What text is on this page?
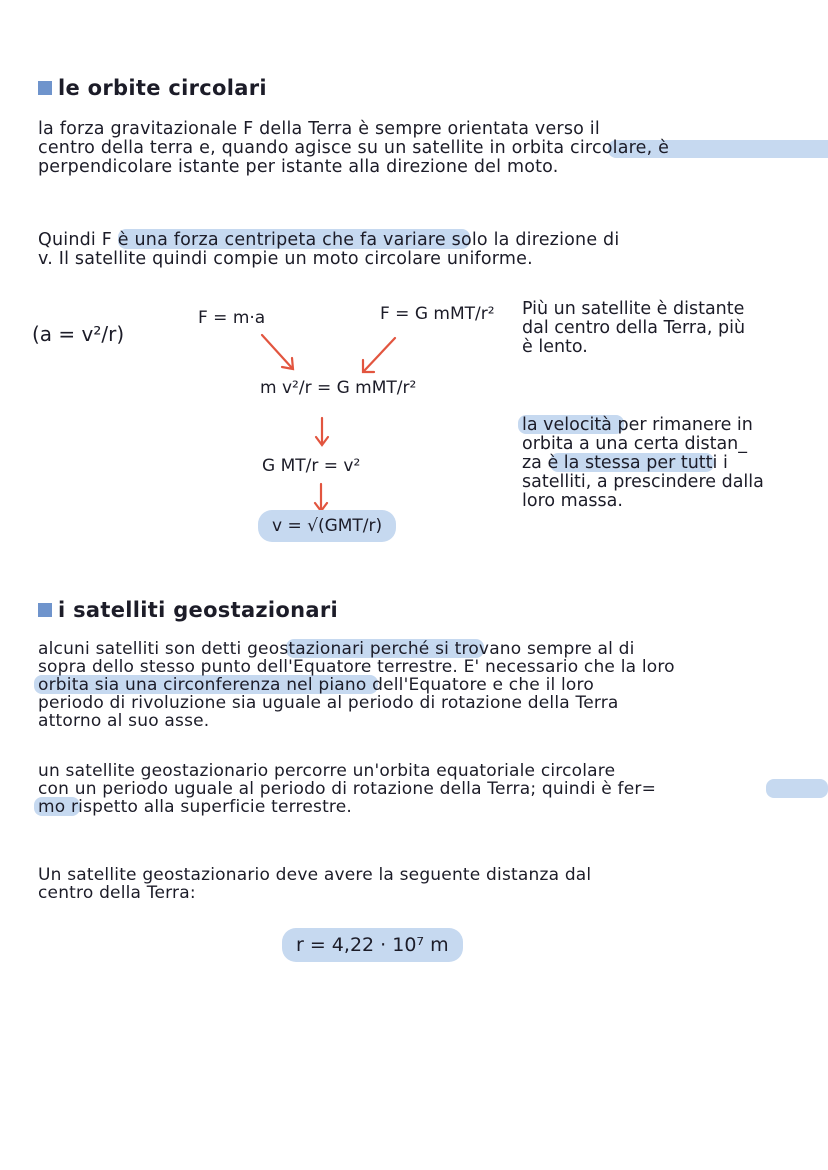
le orbite circolari
la forza gravitazionale F della Terra è sempre orientata verso il
centro della terra e, quando agisce su un satellite in orbita circolare, è
perpendicolare istante per istante alla direzione del moto.
Quindi F è una forza centripeta che fa variare solo la direzione di
v. Il satellite quindi compie un moto circolare uniforme.
(a = v²/r)
F = m·a	F = G mMT/r²
m v²/r = G mMT/r²
G MT/r = v²
v = √(GMT/r)
Più un satellite è distante
dal centro della Terra, più
è lento.
la velocità per rimanere in
orbita a una certa distan_
za è la stessa per tutti i
satelliti, a prescindere dalla
loro massa.
i satelliti geostazionari
alcuni satelliti son detti geostazionari perché si trovano sempre al di
sopra dello stesso punto dell'Equatore terrestre. E' necessario che la loro
orbita sia una circonferenza nel piano dell'Equatore e che il loro
periodo di rivoluzione sia uguale al periodo di rotazione della Terra
attorno al suo asse.
un satellite geostazionario percorre un'orbita equatoriale circolare
con un periodo uguale al periodo di rotazione della Terra; quindi è fer=
mo rispetto alla superficie terrestre.
Un satellite geostazionario deve avere la seguente distanza dal
centro della Terra:
r = 4,22 · 10⁷ m
